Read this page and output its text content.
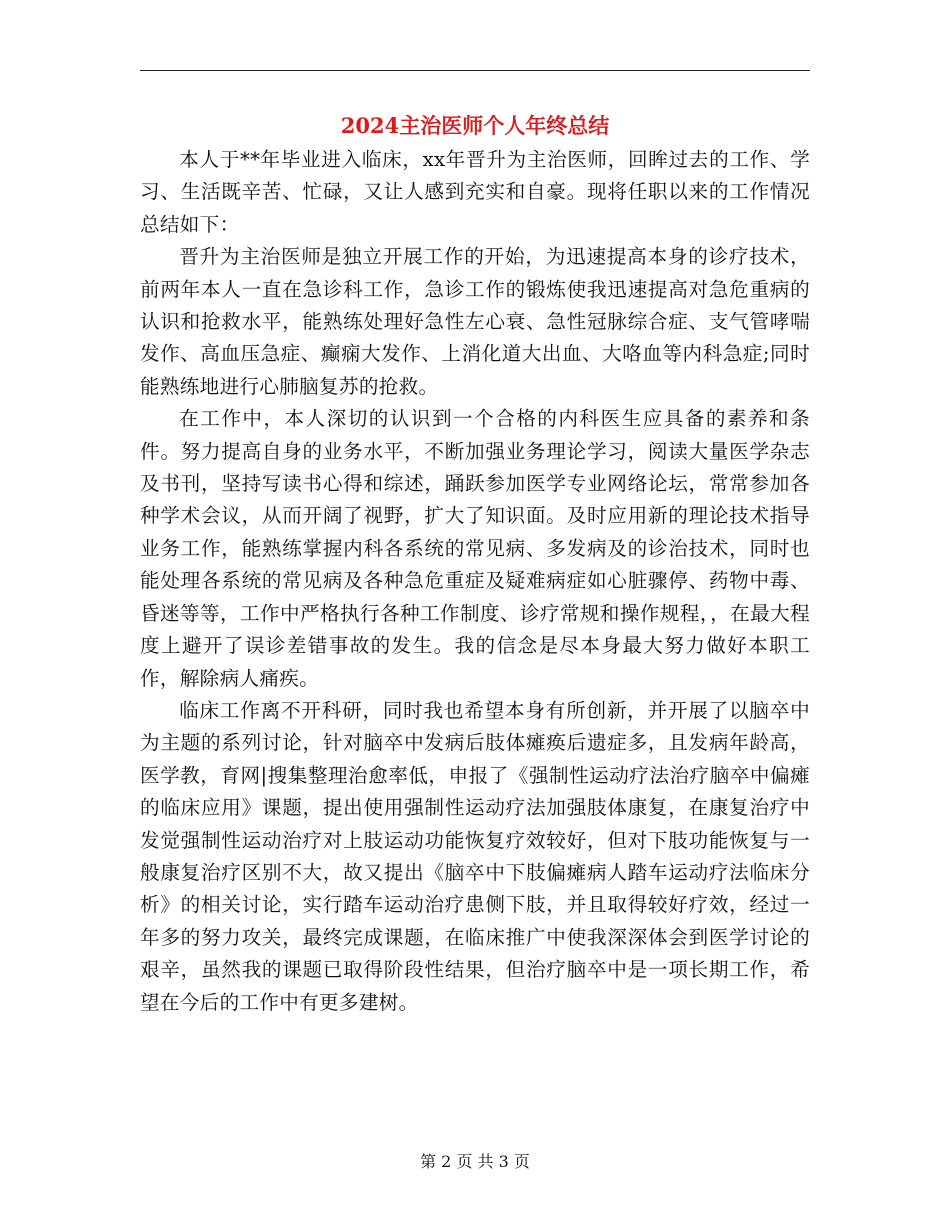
2024主治医师个人年终总结

本人于**年毕业进入临床，xx年晋升为主治医师，回眸过去的工作、学习、生活既辛苦、忙碌，又让人感到充实和自豪。现将任职以来的工作情况总结如下：

晋升为主治医师是独立开展工作的开始，为迅速提高本身的诊疗技术，前两年本人一直在急诊科工作，急诊工作的锻炼使我迅速提高对急危重病的认识和抢救水平，能熟练处理好急性左心衰、急性冠脉综合症、支气管哮喘发作、高血压急症、癫痫大发作、上消化道大出血、大咯血等内科急症;同时能熟练地进行心肺脑复苏的抢救。

在工作中，本人深切的认识到一个合格的内科医生应具备的素养和条件。努力提高自身的业务水平，不断加强业务理论学习，阅读大量医学杂志及书刊，坚持写读书心得和综述，踊跃参加医学专业网络论坛，常常参加各种学术会议，从而开阔了视野，扩大了知识面。及时应用新的理论技术指导业务工作，能熟练掌握内科各系统的常见病、多发病及的诊治技术，同时也能处理各系统的常见病及各种急危重症及疑难病症如心脏骤停、药物中毒、昏迷等等，工作中严格执行各种工作制度、诊疗常规和操作规程，，在最大程度上避开了误诊差错事故的发生。我的信念是尽本身最大努力做好本职工作，解除病人痛疾。

临床工作离不开科研，同时我也希望本身有所创新，并开展了以脑卒中为主题的系列讨论，针对脑卒中发病后肢体瘫痪后遗症多，且发病年龄高，医学教，育网|搜集整理治愈率低，申报了《强制性运动疗法治疗脑卒中偏瘫的临床应用》课题，提出使用强制性运动疗法加强肢体康复，在康复治疗中发觉强制性运动治疗对上肢运动功能恢复疗效较好，但对下肢功能恢复与一般康复治疗区别不大，故又提出《脑卒中下肢偏瘫病人踏车运动疗法临床分析》的相关讨论，实行踏车运动治疗患侧下肢，并且取得较好疗效，经过一年多的努力攻关，最终完成课题，在临床推广中使我深深体会到医学讨论的艰辛，虽然我的课题已取得阶段性结果，但治疗脑卒中是一项长期工作，希望在今后的工作中有更多建树。

第 2 页 共 3 页
